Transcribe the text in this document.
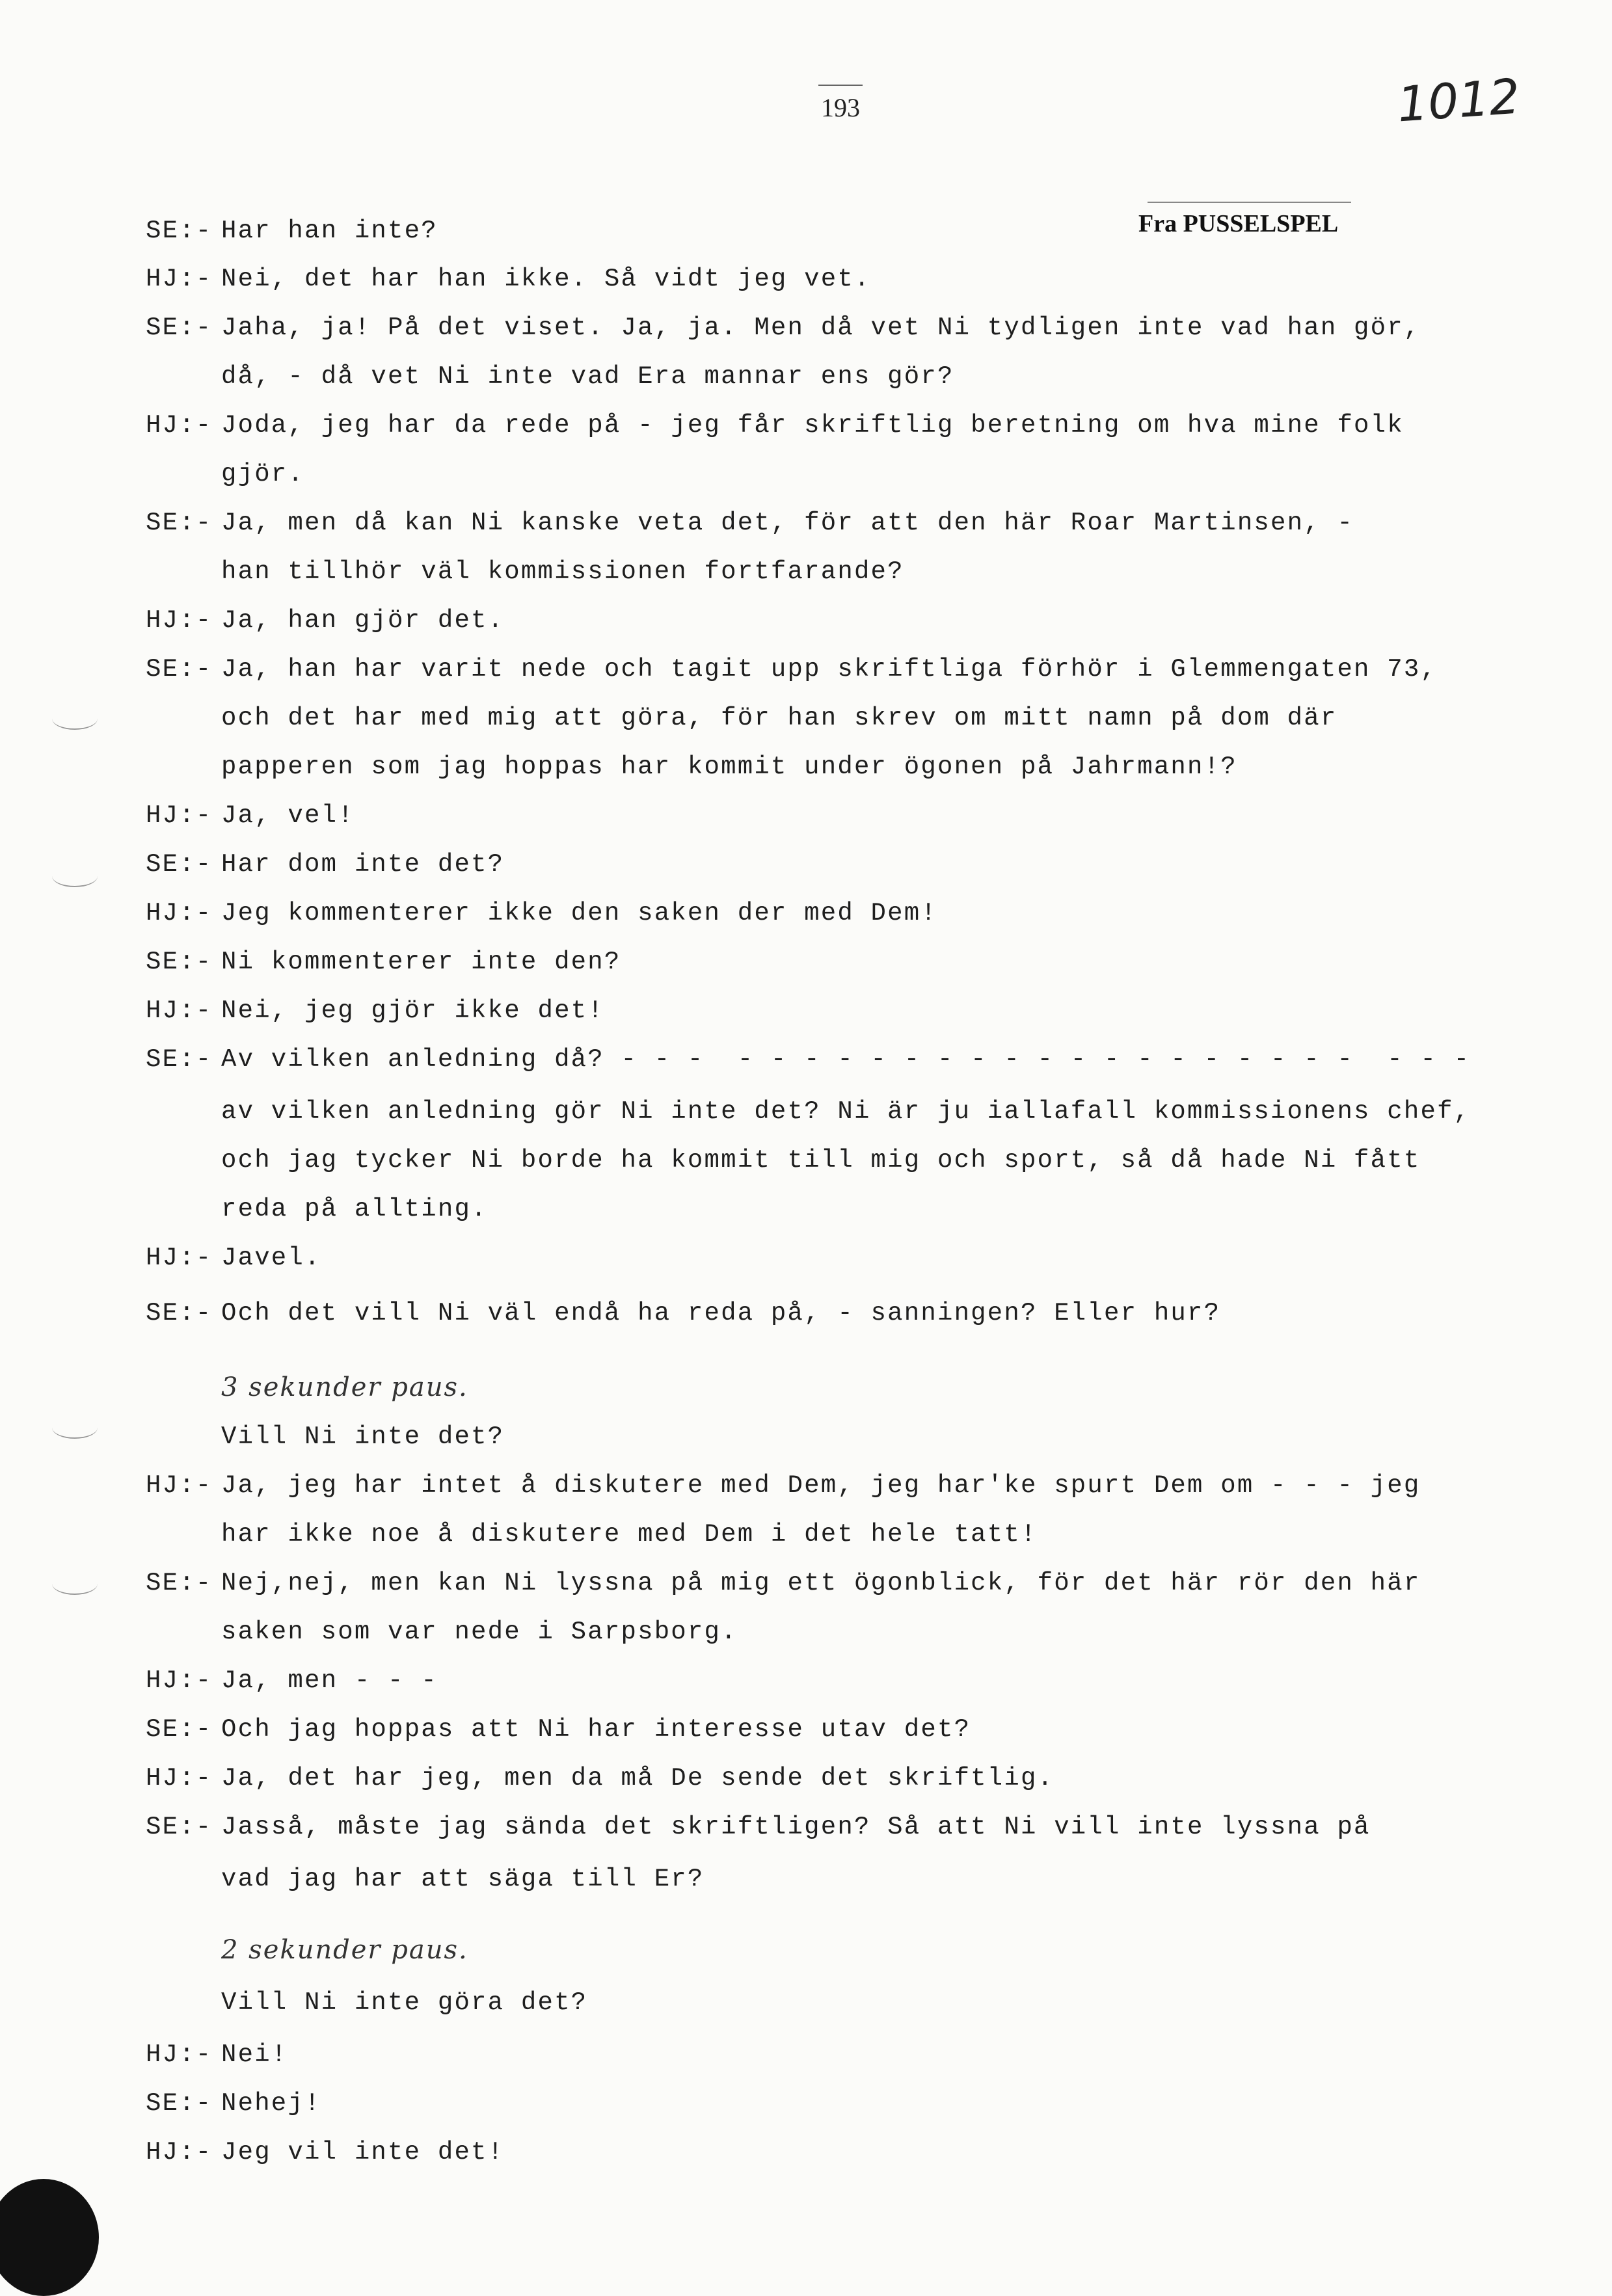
193	1012
Fra PUSSELSPEL
SE:- Har han inte?
HJ:- Nei, det har han ikke. Så vidt jeg vet.
SE:- Jaha, ja! På det viset. Ja, ja. Men då vet Ni tydligen inte vad han gör,
då, - då vet Ni inte vad Era mannar ens gör?
HJ:- Joda, jeg har da rede på - jeg får skriftlig beretning om hva mine folk
gjör.
SE:- Ja, men då kan Ni kanske veta det, för att den här Roar Martinsen, -
han tillhör väl kommissionen fortfarande?
HJ:- Ja, han gjör det.
SE:- Ja, han har varit nede och tagit upp skriftliga förhör i Glemmengaten 73,
och det har med mig att göra, för han skrev om mitt namn på dom där
papperen som jag hoppas har kommit under ögonen på Jahrmann!?
HJ:- Ja, vel!
SE:- Har dom inte det?
HJ:- Jeg kommenterer ikke den saken der med Dem!
SE:- Ni kommenterer inte den?
HJ:- Nei, jeg gjör ikke det!
SE:- Av vilken anledning då? - - -  - - - - - - - - - - - - - - - - - - -  - - -
av vilken anledning gör Ni inte det? Ni är ju iallafall kommissionens chef,
och jag tycker Ni borde ha kommit till mig och sport, så då hade Ni fått
reda på allting.
HJ:- Javel.
SE:- Och det vill Ni väl endå ha reda på, - sanningen? Eller hur?
3 sekunder paus.
Vill Ni inte det?
HJ:- Ja, jeg har intet å diskutere med Dem, jeg har'ke spurt Dem om - - - jeg
har ikke noe å diskutere med Dem i det hele tatt!
SE:- Nej,nej, men kan Ni lyssna på mig ett ögonblick, för det här rör den här
saken som var nede i Sarpsborg.
HJ:- Ja, men - - -
SE:- Och jag hoppas att Ni har interesse utav det?
HJ:- Ja, det har jeg, men da må De sende det skriftlig.
SE:- Jasså, måste jag sända det skriftligen? Så att Ni vill inte lyssna på
vad jag har att säga till Er?
2 sekunder paus.
Vill Ni inte göra det?
HJ:- Nei!
SE:- Nehej!
HJ:- Jeg vil inte det!
